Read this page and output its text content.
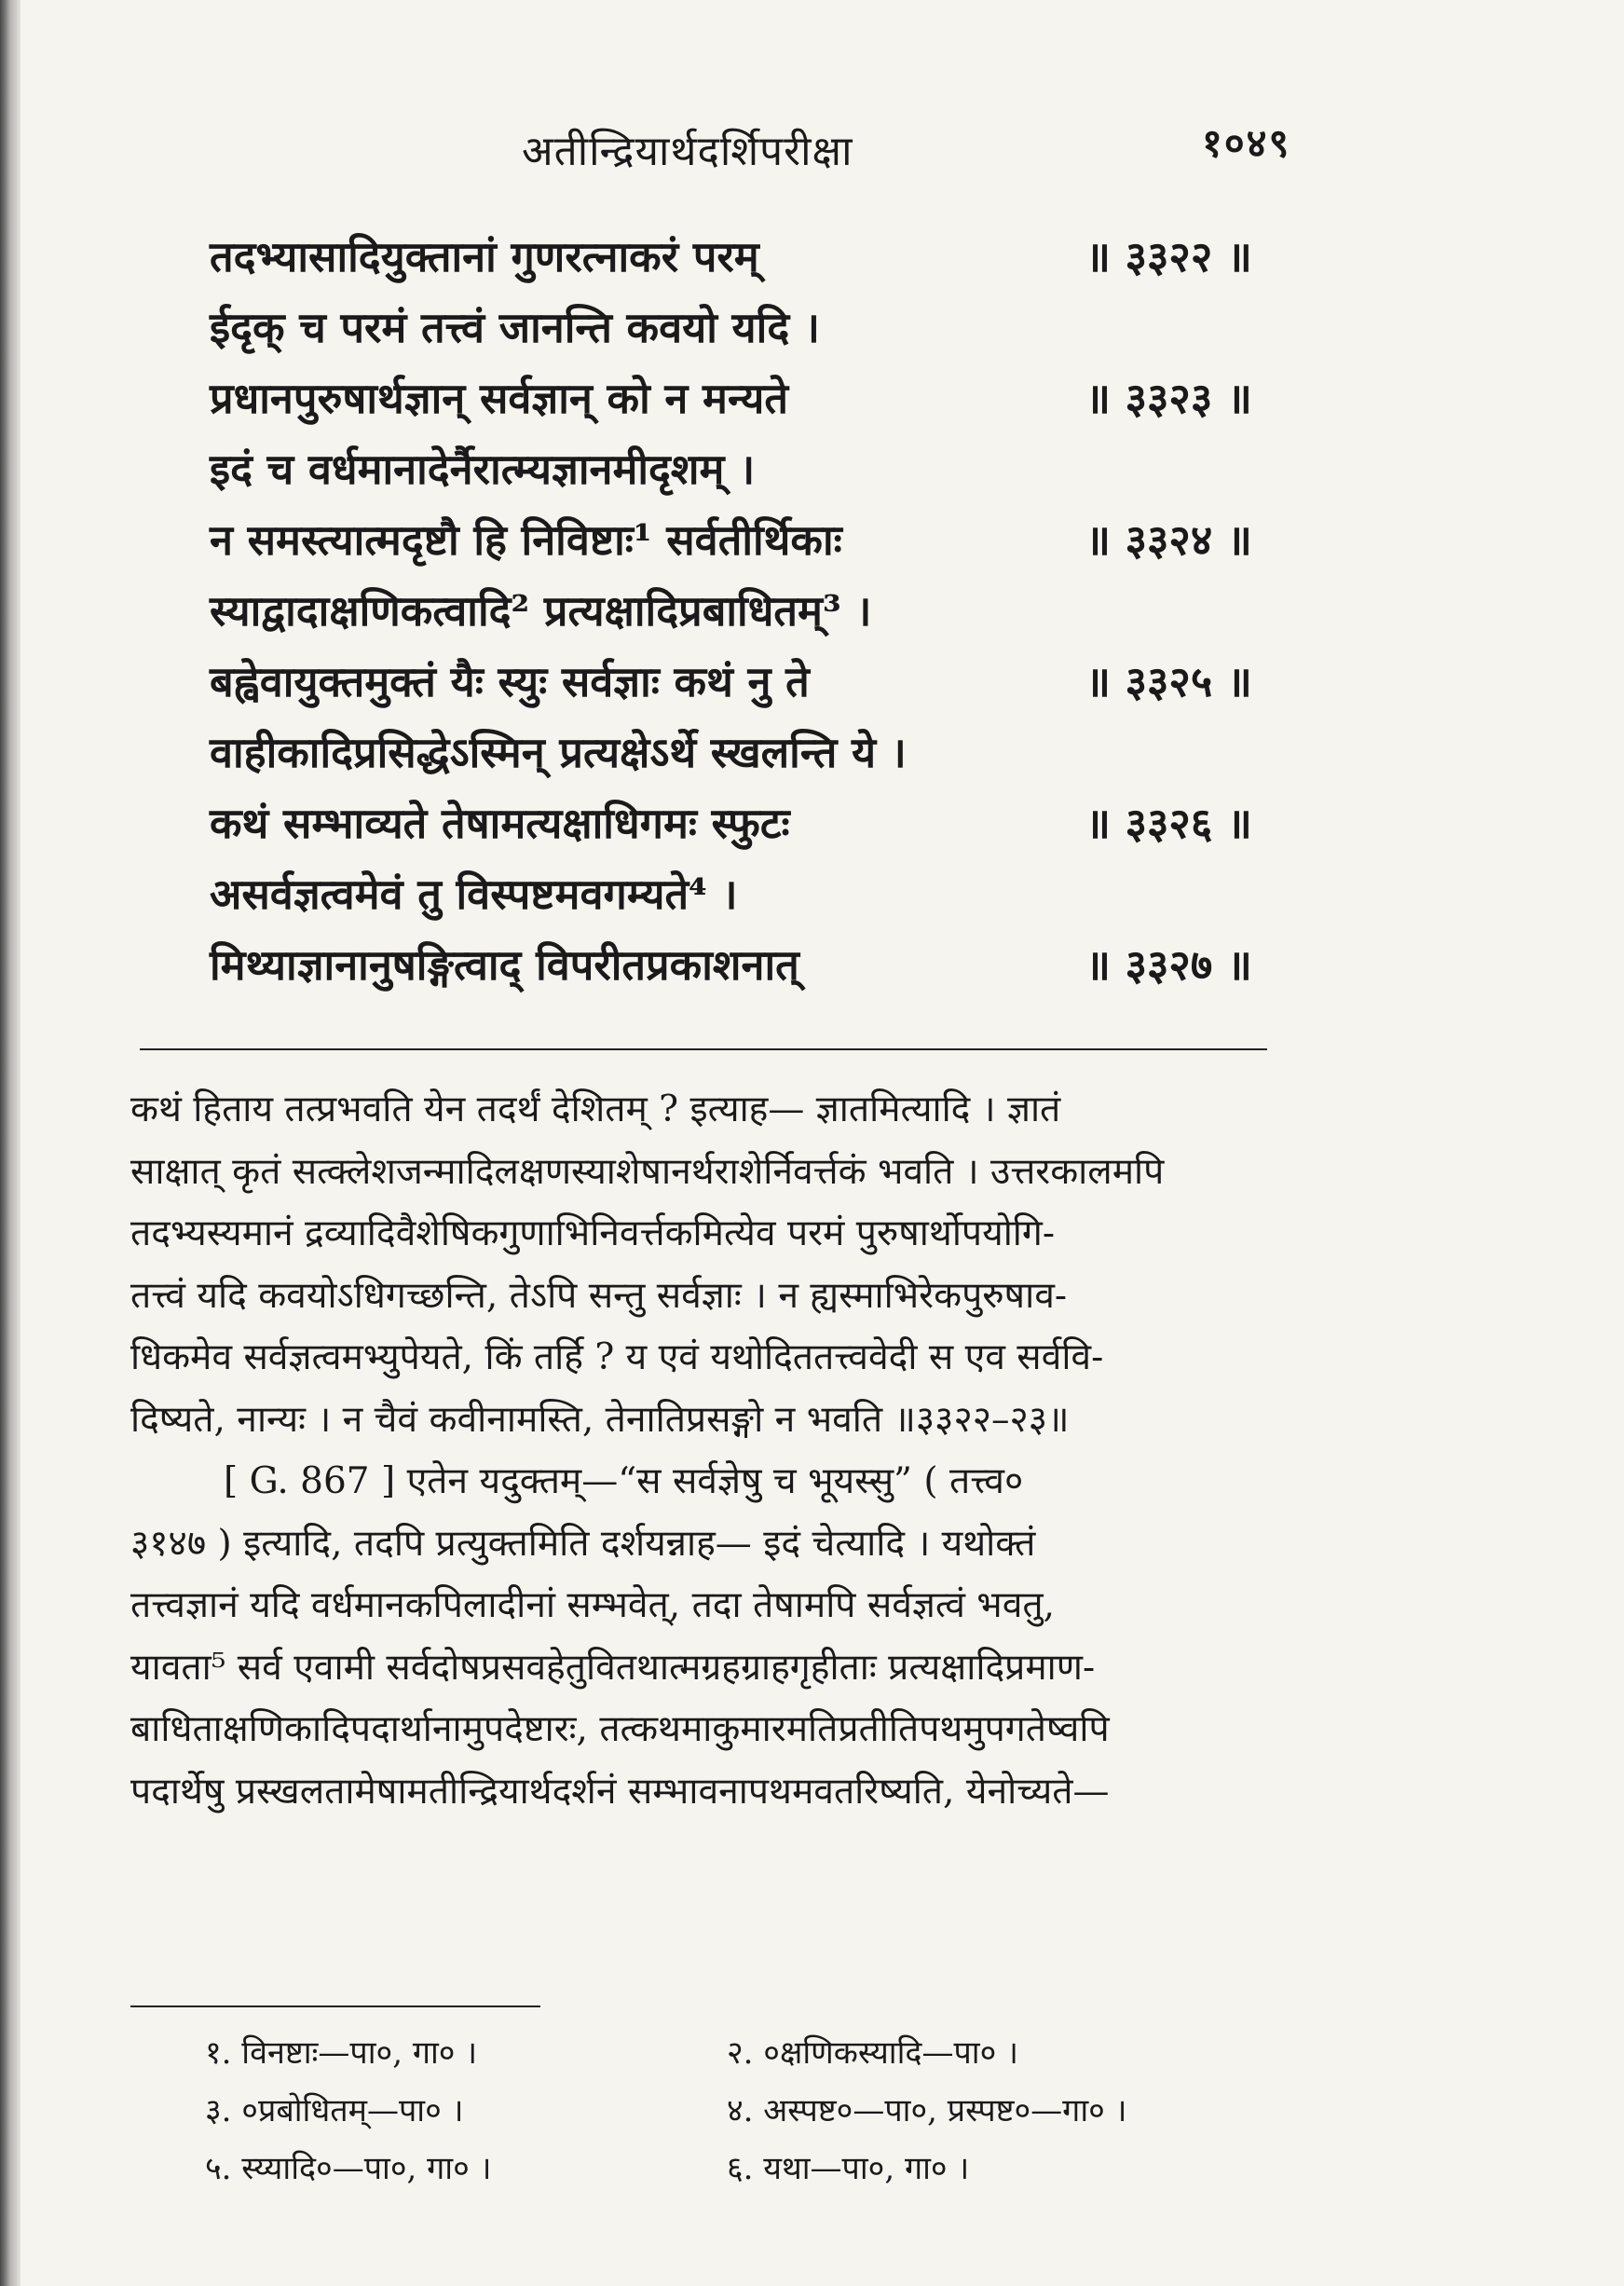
अतीन्द्रियार्थदर्शिपरीक्षा	१०४९
तदभ्यासादियुक्तानां गुणरत्नाकरं परम्	॥ ३३२२ ॥
ईदृक् च परमं तत्त्वं जानन्ति कवयो यदि ।
प्रधानपुरुषार्थज्ञान् सर्वज्ञान् को न मन्यते	॥ ३३२३ ॥
इदं च वर्धमानादेर्नैरात्म्यज्ञानमीदृशम् ।
न समस्त्यात्मदृष्टौ हि निविष्टाः¹ सर्वतीर्थिकाः	॥ ३३२४ ॥
स्याद्वादाक्षणिकत्वादि² प्रत्यक्षादिप्रबाधितम्³ ।
बह्वेवायुक्तमुक्तं यैः स्युः सर्वज्ञाः कथं नु ते	॥ ३३२५ ॥
वाहीकादिप्रसिद्धेऽस्मिन् प्रत्यक्षेऽर्थे स्खलन्ति ये ।
कथं सम्भाव्यते तेषामत्यक्षाधिगमः स्फुटः	॥ ३३२६ ॥
असर्वज्ञत्वमेवं तु विस्पष्टमवगम्यते⁴ ।
मिथ्याज्ञानानुषङ्गित्वाद् विपरीतप्रकाशनात्	॥ ३३२७ ॥

कथं हिताय तत्प्रभवति येन तदर्थं देशितम् ? इत्याह— ज्ञातमित्यादि । ज्ञातं
साक्षात् कृतं सत्क्लेशजन्मादिलक्षणस्याशेषानर्थराशेर्निवर्त्तकं भवति । उत्तरकालमपि
तदभ्यस्यमानं द्रव्यादिवैशेषिकगुणाभिनिवर्त्तकमित्येव परमं पुरुषार्थोपयोगि-
तत्त्वं यदि कवयोऽधिगच्छन्ति, तेऽपि सन्तु सर्वज्ञाः । न ह्यस्माभिरेकपुरुषाव-
धिकमेव सर्वज्ञत्वमभ्युपेयते, किं तर्हि ? य एवं यथोदिततत्त्ववेदी स एव सर्ववि-
दिष्यते, नान्यः । न चैवं कवीनामस्ति, तेनातिप्रसङ्गो न भवति ॥३३२२–२३॥

[ G. 867 ] एतेन यदुक्तम्—“स सर्वज्ञेषु च भूयस्सु” ( तत्त्व०
३१४७ ) इत्यादि, तदपि प्रत्युक्तमिति दर्शयन्नाह— इदं चेत्यादि । यथोक्तं
तत्त्वज्ञानं यदि वर्धमानकपिलादीनां सम्भवेत्, तदा तेषामपि सर्वज्ञत्वं भवतु,
यावता⁵ सर्व एवामी सर्वदोषप्रसवहेतुवितथात्मग्रहग्राहगृहीताः प्रत्यक्षादिप्रमाण-
बाधिताक्षणिकादिपदार्थानामुपदेष्टारः, तत्कथमाकुमारमतिप्रतीतिपथमुपगतेष्वपि
पदार्थेषु प्रस्खलतामेषामतीन्द्रियार्थदर्शनं सम्भावनापथमवतरिष्यति, येनोच्यते—

१. विनष्टाः—पा०, गा० ।	२. ०क्षणिकस्यादि—पा० ।
३. ०प्रबोधितम्—पा० ।	४. अस्पष्ट०—पा०, प्रस्पष्ट०—गा० ।
५. स्य्यादि०—पा०, गा० ।	६. यथा—पा०, गा० ।
